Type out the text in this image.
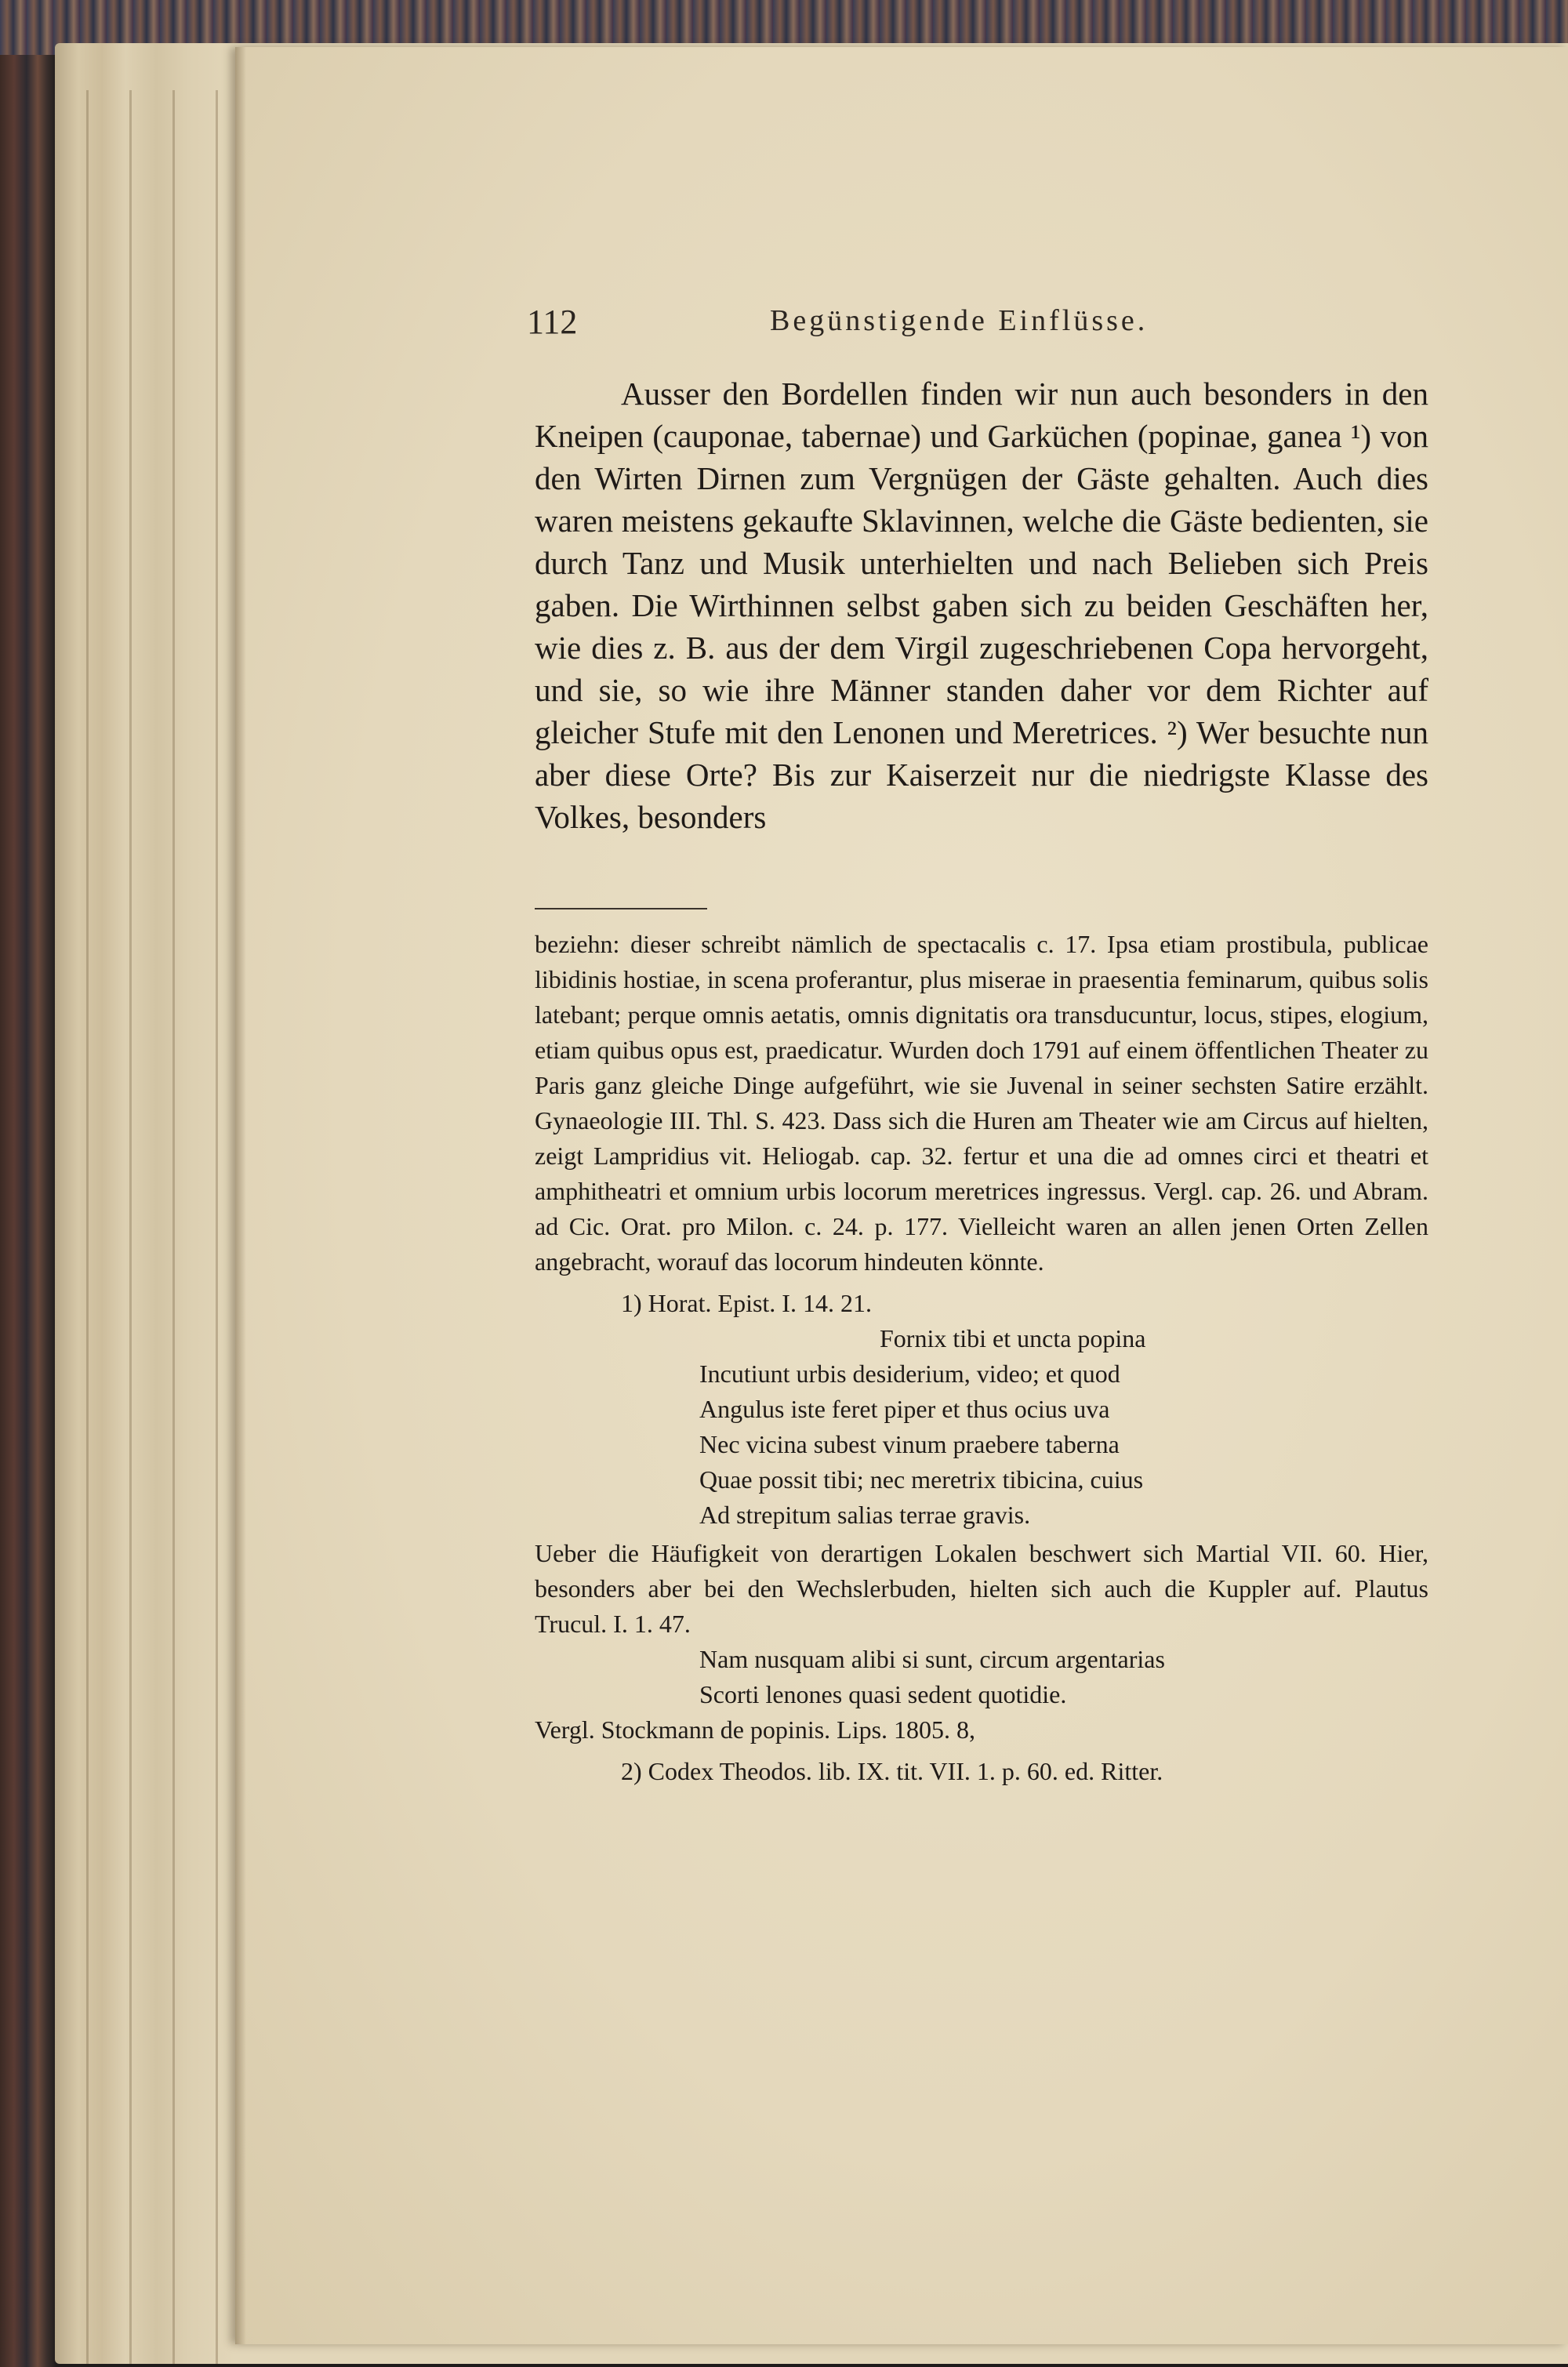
112	Begünstigende Einflüsse.

Ausser den Bordellen finden wir nun auch besonders in den Kneipen (cauponae, tabernae) und Garküchen (popinae, ganea ¹) von den Wirten Dirnen zum Vergnügen der Gäste gehalten. Auch dies waren meistens gekaufte Sklavinnen, welche die Gäste bedienten, sie durch Tanz und Musik unterhielten und nach Belieben sich Preis gaben. Die Wirthinnen selbst gaben sich zu beiden Geschäften her, wie dies z. B. aus der dem Virgil zugeschriebenen Copa hervorgeht, und sie, so wie ihre Männer standen daher vor dem Richter auf gleicher Stufe mit den Lenonen und Meretrices. ²) Wer besuchte nun aber diese Orte? Bis zur Kaiserzeit nur die niedrigste Klasse des Volkes, besonders

beziehn: dieser schreibt nämlich de spectacalis c. 17. Ipsa etiam prostibula, publicae libidinis hostiae, in scena proferantur, plus miserae in praesentia feminarum, quibus solis latebant; perque omnis aetatis, omnis dignitatis ora transducuntur, locus, stipes, elogium, etiam quibus opus est, praedicatur. Wurden doch 1791 auf einem öffentlichen Theater zu Paris ganz gleiche Dinge aufgeführt, wie sie Juvenal in seiner sechsten Satire erzählt. Gynaeologie III. Thl. S. 423. Dass sich die Huren am Theater wie am Circus auf hielten, zeigt Lampridius vit. Heliogab. cap. 32. fertur et una die ad omnes circi et theatri et amphitheatri et omnium urbis locorum meretrices ingressus. Vergl. cap. 26. und Abram. ad Cic. Orat. pro Milon. c. 24. p. 177. Vielleicht waren an allen jenen Orten Zellen angebracht, worauf das locorum hindeuten könnte.

1) Horat. Epist. I. 14. 21.

Fornix tibi et uncta popina

Incutiunt urbis desiderium, video; et quod

Angulus iste feret piper et thus ocius uva

Nec vicina subest vinum praebere taberna

Quae possit tibi; nec meretrix tibicina, cuius

Ad strepitum salias terrae gravis.

Ueber die Häufigkeit von derartigen Lokalen beschwert sich Martial VII. 60. Hier, besonders aber bei den Wechslerbuden, hielten sich auch die Kuppler auf. Plautus Trucul. I. 1. 47.

Nam nusquam alibi si sunt, circum argentarias

Scorti lenones quasi sedent quotidie.

Vergl. Stockmann de popinis. Lips. 1805. 8,

2) Codex Theodos. lib. IX. tit. VII. 1. p. 60. ed. Ritter.
